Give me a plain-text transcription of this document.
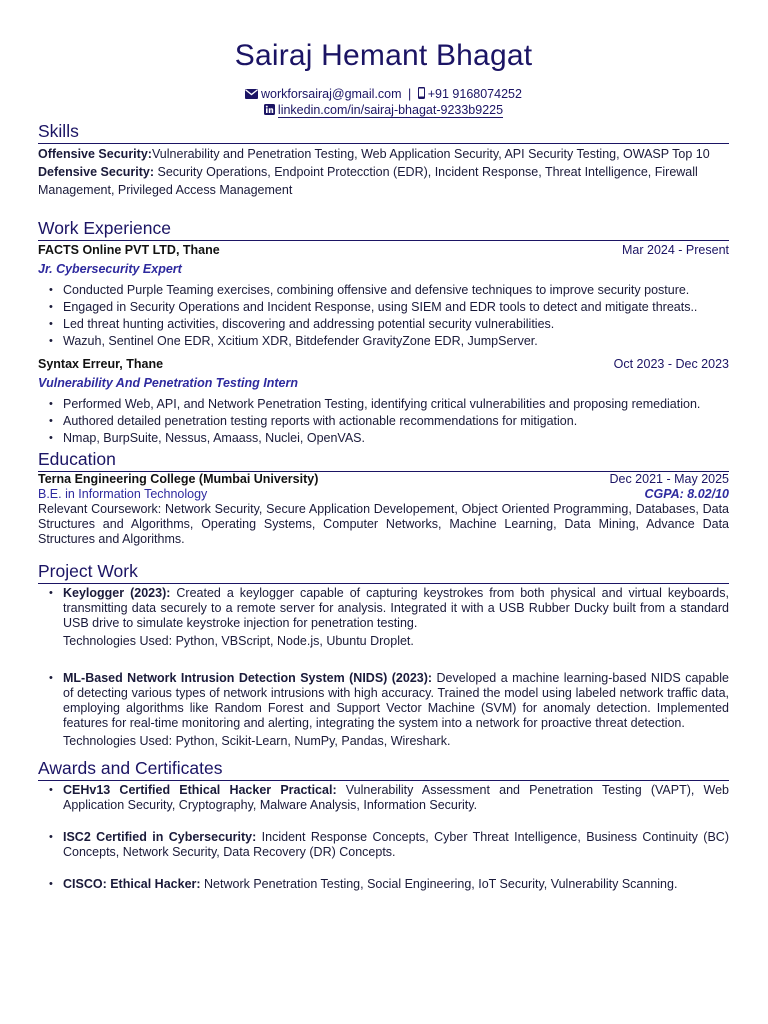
Sairaj Hemant Bhagat
workforsairaj@gmail.com | +91 9168074252
linkedin.com/in/sairaj-bhagat-9233b9225
Skills
Offensive Security:Vulnerability and Penetration Testing, Web Application Security, API Security Testing, OWASP Top 10
Defensive Security: Security Operations, Endpoint Protecction (EDR), Incident Response, Threat Intelligence, Firewall Management, Privileged Access Management
Work Experience
FACTS Online PVT LTD, Thane	Mar 2024 - Present
Jr. Cybersecurity Expert
• Conducted Purple Teaming exercises, combining offensive and defensive techniques to improve security posture.
• Engaged in Security Operations and Incident Response, using SIEM and EDR tools to detect and mitigate threats..
• Led threat hunting activities, discovering and addressing potential security vulnerabilities.
• Wazuh, Sentinel One EDR, Xcitium XDR, Bitdefender GravityZone EDR, JumpServer.
Syntax Erreur, Thane	Oct 2023 - Dec 2023
Vulnerability And Penetration Testing Intern
• Performed Web, API, and Network Penetration Testing, identifying critical vulnerabilities and proposing remediation.
• Authored detailed penetration testing reports with actionable recommendations for mitigation.
• Nmap, BurpSuite, Nessus, Amaass, Nuclei, OpenVAS.
Education
Terna Engineering College (Mumbai University)	Dec 2021 - May 2025
B.E. in Information Technology	CGPA: 8.02/10
Relevant Coursework: Network Security, Secure Application Developement, Object Oriented Programming, Databases, Data Structures and Algorithms, Operating Systems, Computer Networks, Machine Learning, Data Mining, Advance Data Structures and Algorithms.
Project Work
• Keylogger (2023): Created a keylogger capable of capturing keystrokes from both physical and virtual keyboards, transmitting data securely to a remote server for analysis. Integrated it with a USB Rubber Ducky built from a standard USB drive to simulate keystroke injection for penetration testing.
Technologies Used: Python, VBScript, Node.js, Ubuntu Droplet.
• ML-Based Network Intrusion Detection System (NIDS) (2023): Developed a machine learning-based NIDS capable of detecting various types of network intrusions with high accuracy. Trained the model using labeled network traffic data, employing algorithms like Random Forest and Support Vector Machine (SVM) for anomaly detection. Implemented features for real-time monitoring and alerting, integrating the system into a network for proactive threat detection.
Technologies Used: Python, Scikit-Learn, NumPy, Pandas, Wireshark.
Awards and Certificates
• CEHv13 Certified Ethical Hacker Practical: Vulnerability Assessment and Penetration Testing (VAPT), Web Application Security, Cryptography, Malware Analysis, Information Security.
• ISC2 Certified in Cybersecurity: Incident Response Concepts, Cyber Threat Intelligence, Business Continuity (BC) Concepts, Network Security, Data Recovery (DR) Concepts.
• CISCO: Ethical Hacker: Network Penetration Testing, Social Engineering, IoT Security, Vulnerability Scanning.
